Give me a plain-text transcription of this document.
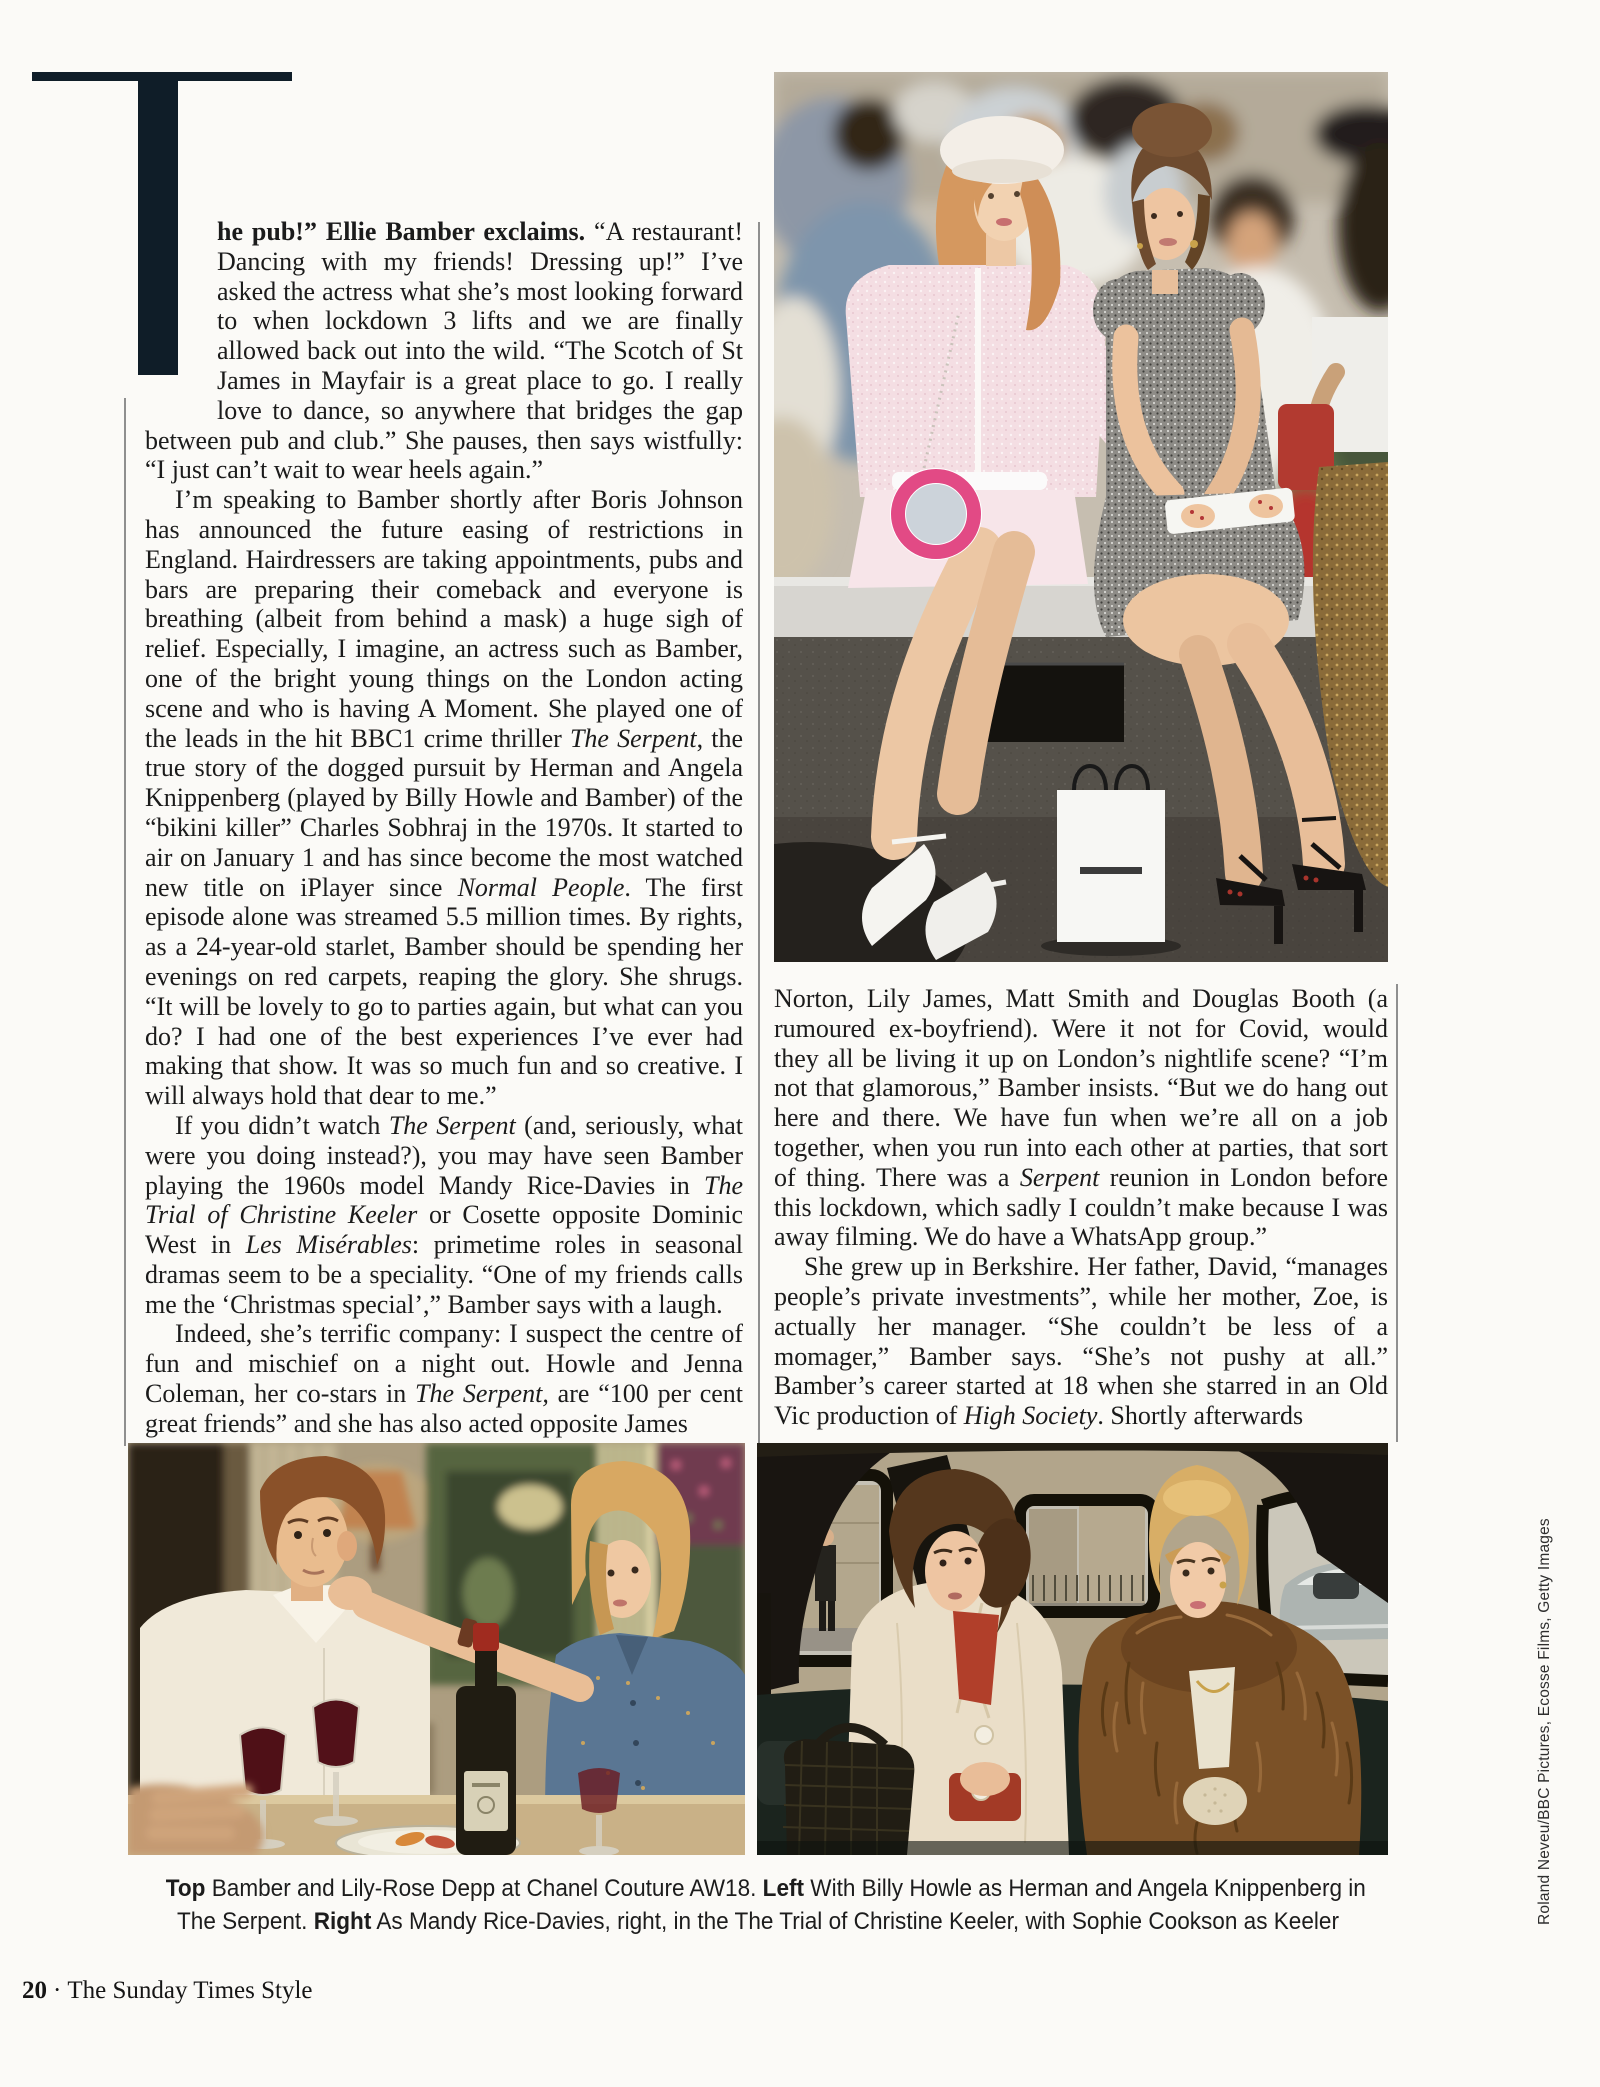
he pub!” Ellie Bamber exclaims. “A restaurant! Dancing with my friends! Dressing up!” I’ve asked the actress what she’s most looking forward to when lockdown 3 lifts and we are finally allowed back out into the wild. “The Scotch of St James in Mayfair is a great place to go. I really love to dance, so anywhere that bridges the gap between pub and club.” She pauses, then says wistfully: “I just can’t wait to wear heels again.”

I’m speaking to Bamber shortly after Boris Johnson has announced the future easing of restrictions in England. Hairdressers are taking appointments, pubs and bars are preparing their comeback and everyone is breathing (albeit from behind a mask) a huge sigh of relief. Especially, I imagine, an actress such as Bamber, one of the bright young things on the London acting scene and who is having A Moment. She played one of the leads in the hit BBC1 crime thriller The Serpent, the true story of the dogged pursuit by Herman and Angela Knippenberg (played by Billy Howle and Bamber) of the “bikini killer” Charles Sobhraj in the 1970s. It started to air on January 1 and has since become the most watched new title on iPlayer since Normal People. The first episode alone was streamed 5.5 million times. By rights, as a 24-year-old starlet, Bamber should be spending her evenings on red carpets, reaping the glory. She shrugs. “It will be lovely to go to parties again, but what can you do? I had one of the best experiences I’ve ever had making that show. It was so much fun and so creative. I will always hold that dear to me.”

If you didn’t watch The Serpent (and, seriously, what were you doing instead?), you may have seen Bamber playing the 1960s model Mandy Rice-Davies in The Trial of Christine Keeler or Cosette opposite Dominic West in Les Misérables: primetime roles in seasonal dramas seem to be a speciality. “One of my friends calls me the ‘Christmas special’,” Bamber says with a laugh.

Indeed, she’s terrific company: I suspect the centre of fun and mischief on a night out. Howle and Jenna Coleman, her co-stars in The Serpent, are “100 per cent great friends” and she has also acted opposite James

Norton, Lily James, Matt Smith and Douglas Booth (a rumoured ex-boyfriend). Were it not for Covid, would they all be living it up on London’s nightlife scene? “I’m not that glamorous,” Bamber insists. “But we do hang out here and there. We have fun when we’re all on a job together, when you run into each other at parties, that sort of thing. There was a Serpent reunion in London before this lockdown, which sadly I couldn’t make because I was away filming. We do have a WhatsApp group.”

She grew up in Berkshire. Her father, David, “manages people’s private investments”, while her mother, Zoe, is actually her manager. “She couldn’t be less of a momager,” Bamber says. “She’s not pushy at all.” Bamber’s career started at 18 when she starred in an Old Vic production of High Society. Shortly afterwards

Top Bamber and Lily-Rose Depp at Chanel Couture AW18. Left With Billy Howle as Herman and Angela Knippenberg in
The Serpent. Right As Mandy Rice-Davies, right, in the The Trial of Christine Keeler, with Sophie Cookson as Keeler
20 · The Sunday Times Style
Roland Neveu/BBC Pictures, Ecosse Films, Getty Images
